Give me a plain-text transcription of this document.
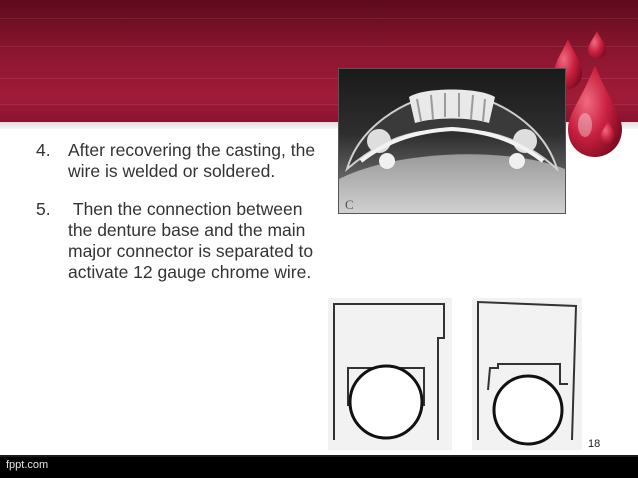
C
4. After recovering the casting, the wire is welded or soldered.
5. Then the connection between the denture base and the main major connector is separated to activate 12 gauge chrome wire.
18
fppt.com
